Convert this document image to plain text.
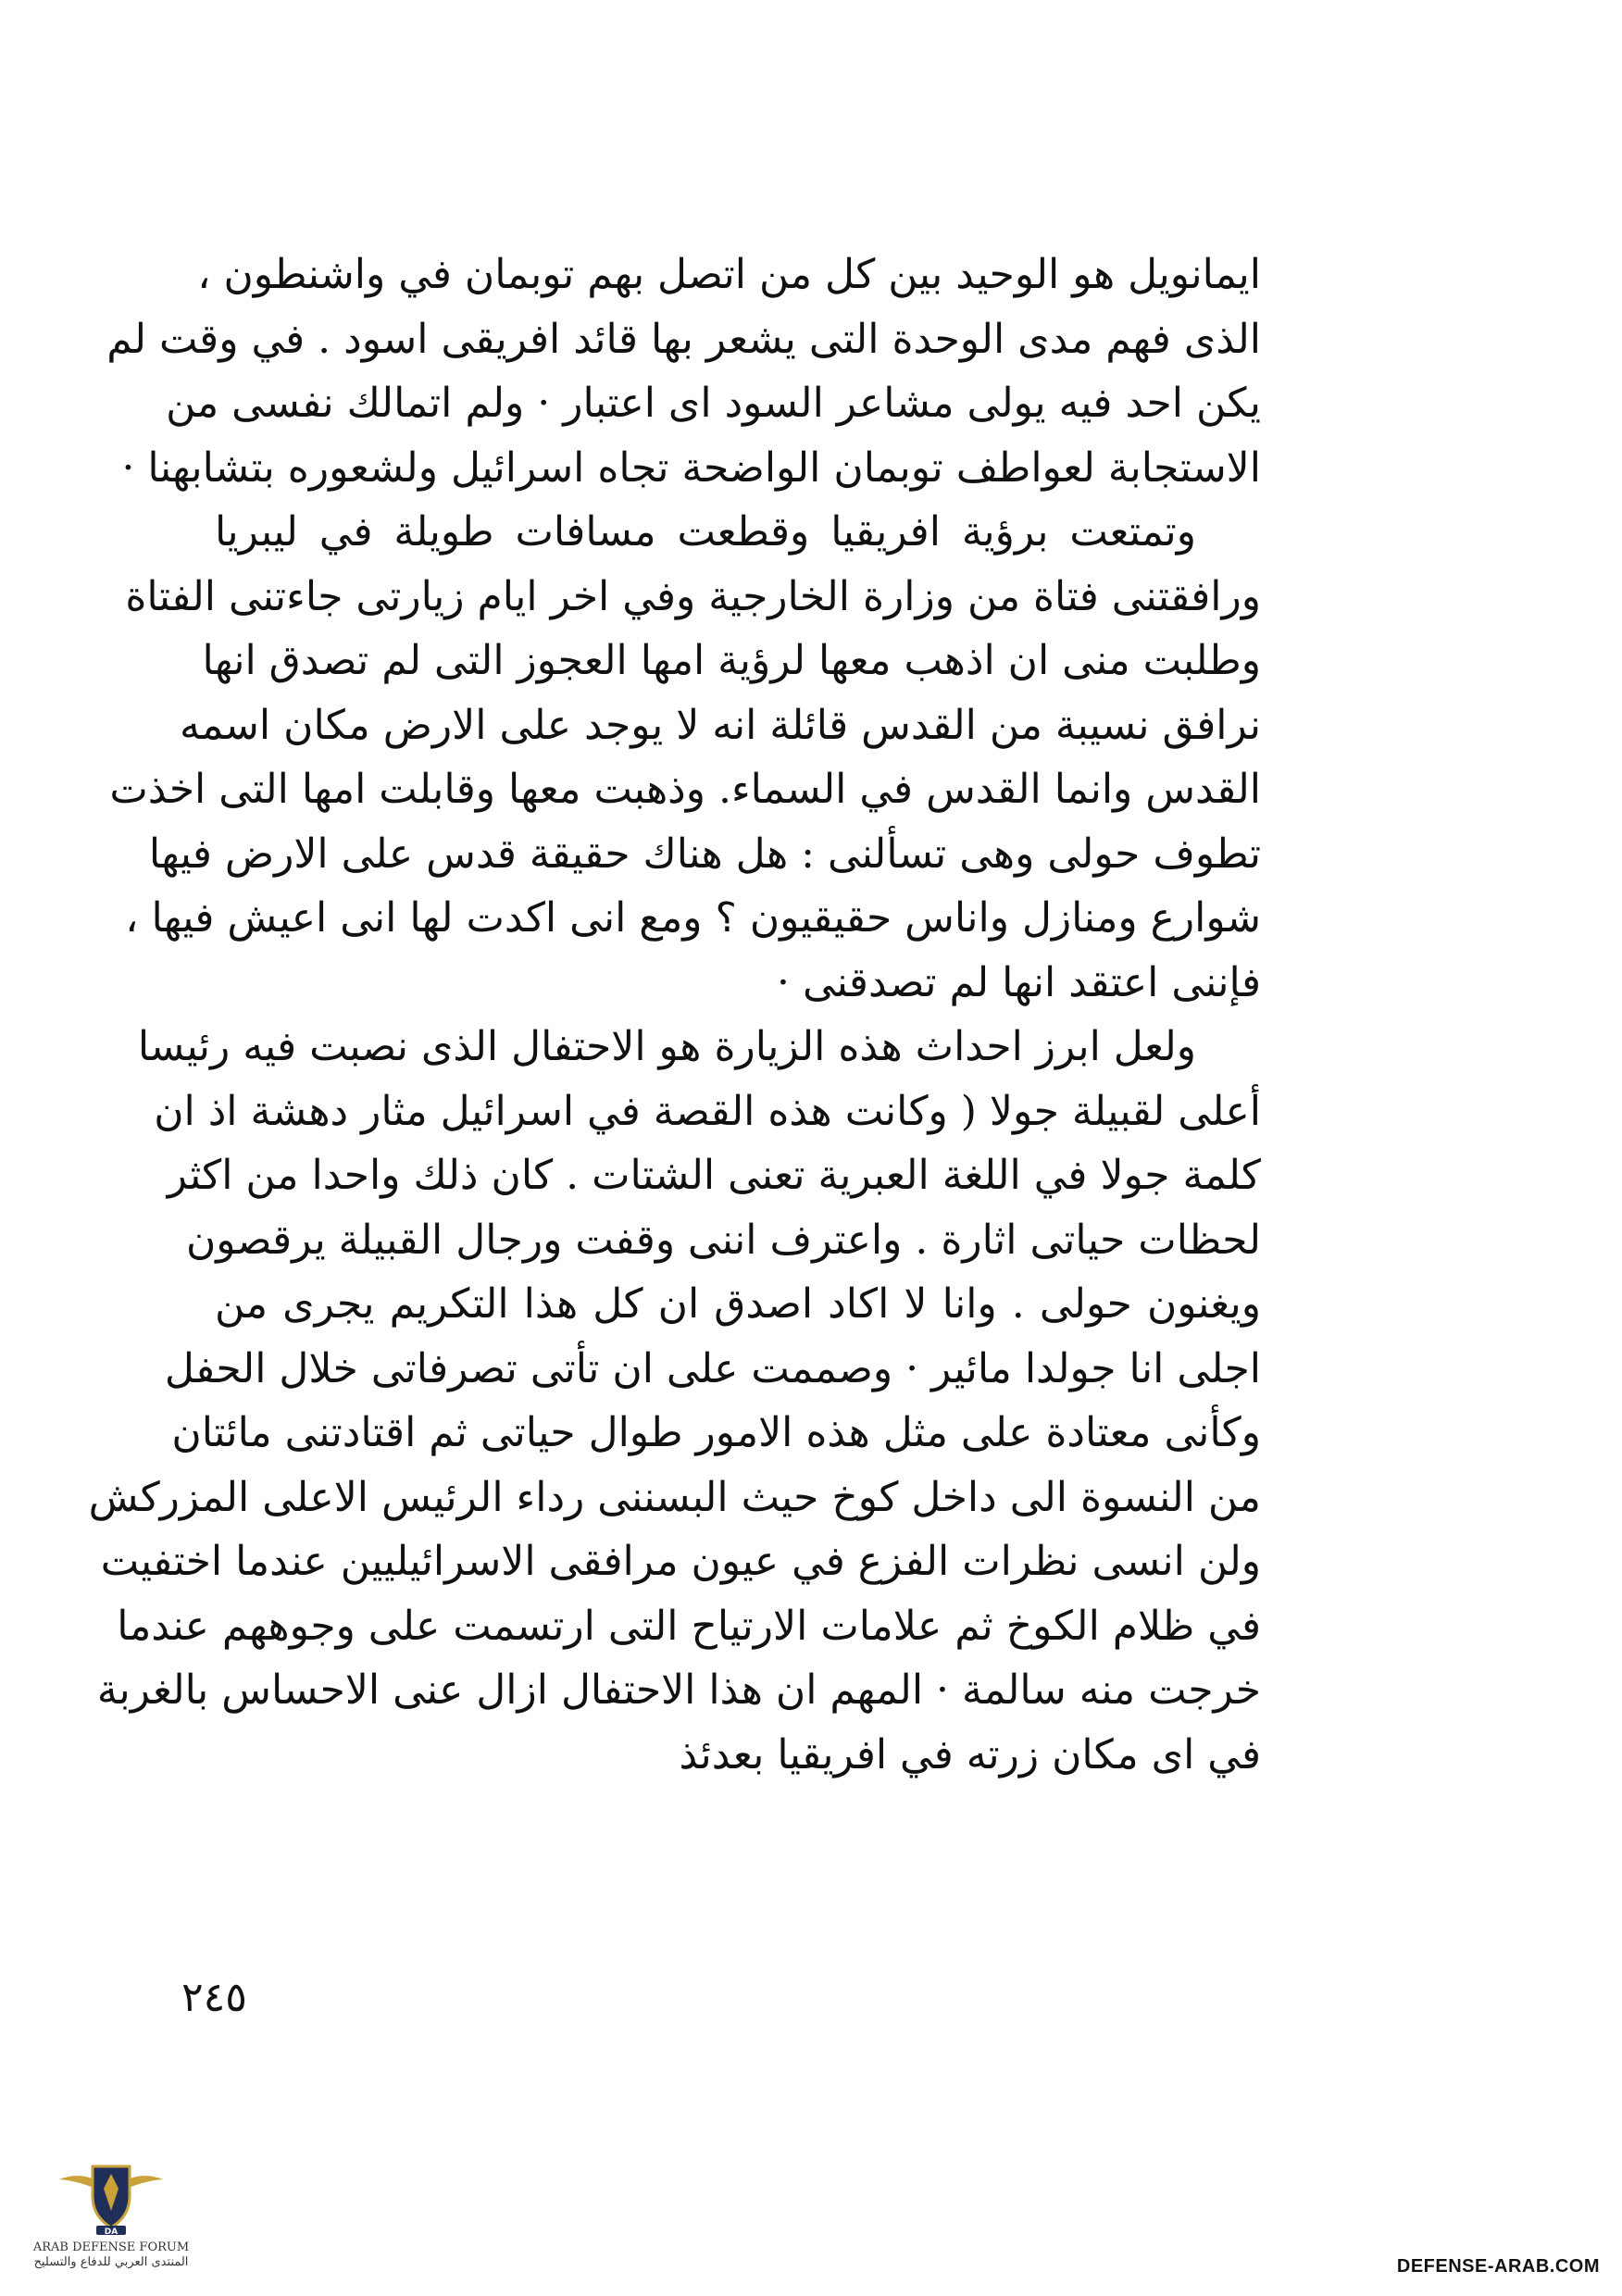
ايمانويل هو الوحيد بين كل من اتصل بهم توبمان في واشنطون ،
الذى فهم مدى الوحدة التى يشعر بها قائد افريقى اسود . في وقت لم
يكن احد فيه يولى مشاعر السود اى اعتبار · ولم اتمالك نفسى من
الاستجابة لعواطف توبمان الواضحة تجاه اسرائيل ولشعوره بتشابهنا ·
وتمتعت برؤية افريقيا وقطعت مسافات طويلة في ليبريا
ورافقتنى فتاة من وزارة الخارجية وفي اخر ايام زيارتى جاءتنى الفتاة
وطلبت منى ان اذهب معها لرؤية امها العجوز التى لم تصدق انها
نرافق نسيبة من القدس قائلة انه لا يوجد على الارض مكان اسمه
القدس وانما القدس في السماء. وذهبت معها وقابلت امها التى اخذت
تطوف حولى وهى تسألنى : هل هناك حقيقة قدس على الارض فيها
شوارع ومنازل واناس حقيقيون ؟ ومع انى اكدت لها انى اعيش فيها ،
فإننى اعتقد انها لم تصدقنى ·
ولعل ابرز احداث هذه الزيارة هو الاحتفال الذى نصبت فيه رئيسا
أعلى لقبيلة جولا ( وكانت هذه القصة في اسرائيل مثار دهشة اذ ان
كلمة جولا في اللغة العبرية تعنى الشتات . كان ذلك واحدا من اكثر
لحظات حياتى اثارة . واعترف اننى وقفت ورجال القبيلة يرقصون
ويغنون حولى . وانا لا اكاد اصدق ان كل هذا التكريم يجرى من
اجلى انا جولدا مائير · وصممت على ان تأتى تصرفاتى خلال الحفل
وكأنى معتادة على مثل هذه الامور طوال حياتى ثم اقتادتنى مائتان
من النسوة الى داخل كوخ حيث البسننى رداء الرئيس الاعلى المزركش
ولن انسى نظرات الفزع في عيون مرافقى الاسرائيليين عندما اختفيت
في ظلام الكوخ ثم علامات الارتياح التى ارتسمت على وجوههم عندما
خرجت منه سالمة · المهم ان هذا الاحتفال ازال عنى الاحساس بالغربة
في اى مكان زرته في افريقيا بعدئذ
٢٤٥
DA
ARAB DEFENSE FORUM
المنتدى العربي للدفاع والتسليح	DEFENSE-ARAB.COM
